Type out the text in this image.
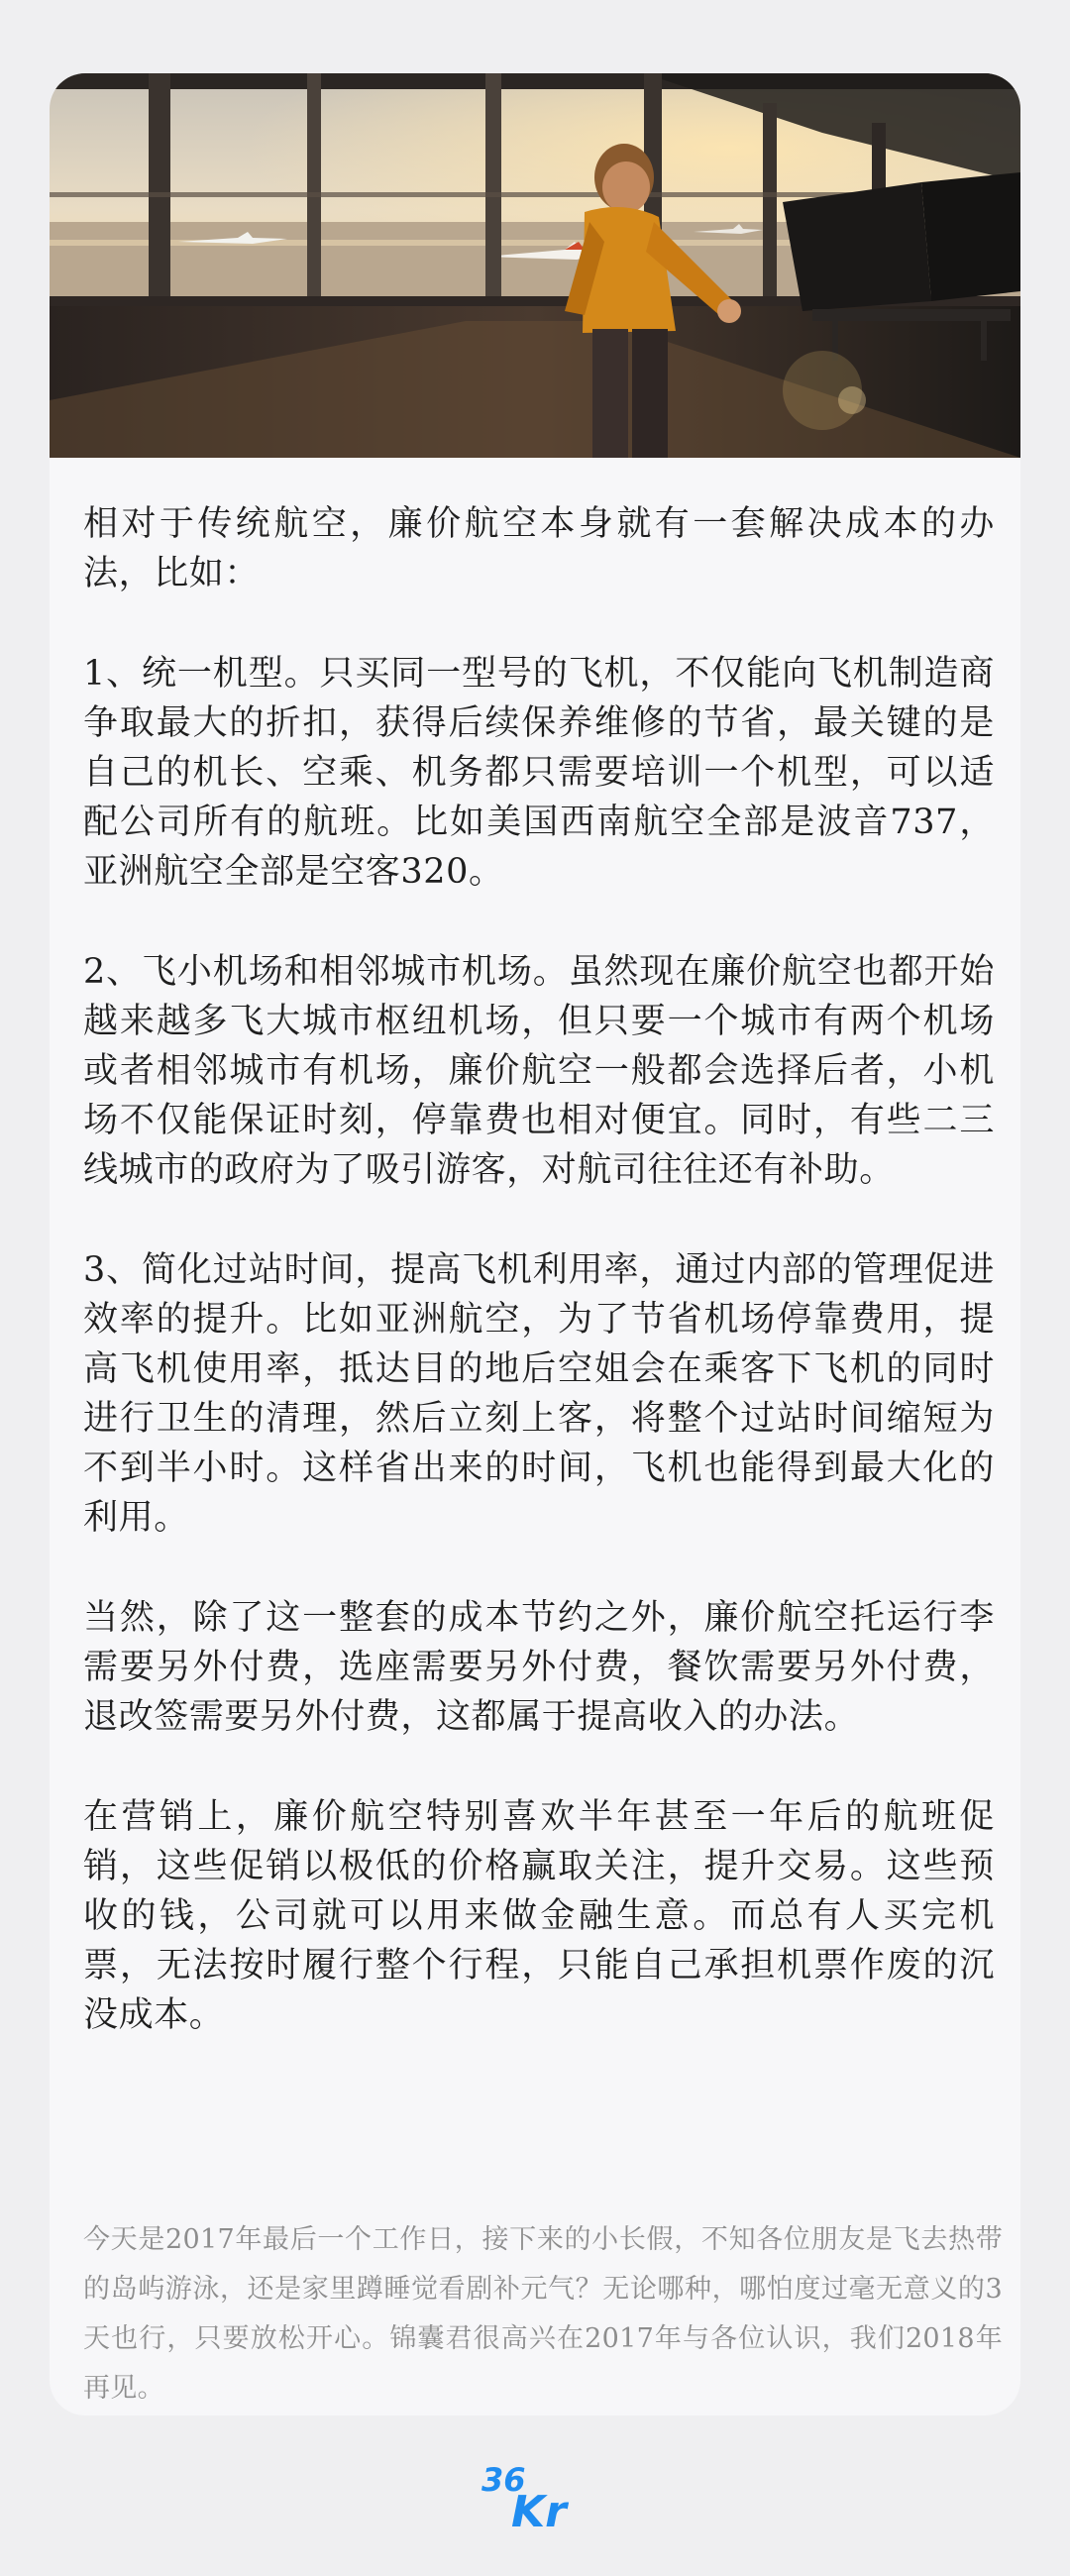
相对于传统航空，廉价航空本身就有一套解决成本的办法，比如：

1、统一机型。只买同一型号的飞机，不仅能向飞机制造商争取最大的折扣，获得后续保养维修的节省，最关键的是自己的机长、空乘、机务都只需要培训一个机型，可以适配公司所有的航班。比如美国西南航空全部是波音737，亚洲航空全部是空客320。

2、飞小机场和相邻城市机场。虽然现在廉价航空也都开始越来越多飞大城市枢纽机场，但只要一个城市有两个机场或者相邻城市有机场，廉价航空一般都会选择后者，小机场不仅能保证时刻，停靠费也相对便宜。同时，有些二三线城市的政府为了吸引游客，对航司往往还有补助。

3、简化过站时间，提高飞机利用率，通过内部的管理促进效率的提升。比如亚洲航空，为了节省机场停靠费用，提高飞机使用率，抵达目的地后空姐会在乘客下飞机的同时进行卫生的清理，然后立刻上客，将整个过站时间缩短为不到半小时。这样省出来的时间，飞机也能得到最大化的利用。

当然，除了这一整套的成本节约之外，廉价航空托运行李需要另外付费，选座需要另外付费，餐饮需要另外付费，退改签需要另外付费，这都属于提高收入的办法。

在营销上，廉价航空特别喜欢半年甚至一年后的航班促销，这些促销以极低的价格赢取关注，提升交易。这些预收的钱，公司就可以用来做金融生意。而总有人买完机票，无法按时履行整个行程，只能自己承担机票作废的沉没成本。

今天是2017年最后一个工作日，接下来的小长假，不知各位朋友是飞去热带的岛屿游泳，还是家里蹲睡觉看剧补元气？无论哪种，哪怕度过毫无意义的3天也行，只要放松开心。锦囊君很高兴在2017年与各位认识，我们2018年再见。

36
Kr
